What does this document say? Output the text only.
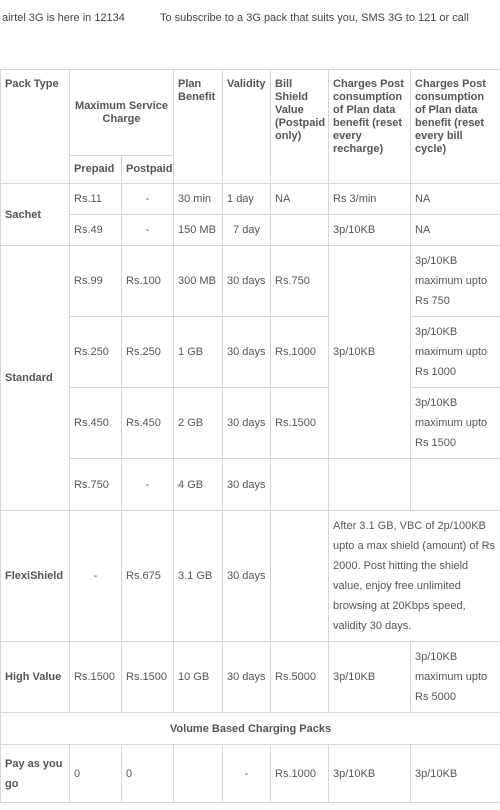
airtel 3G is here in 12134	To subscribe to a 3G pack that suits you, SMS 3G to 121 or call
Pack Type	Maximum Service Charge		Plan Benefit	Validity	Bill Shield Value (Postpaid only)	Charges Post consumption of Plan data benefit (reset every recharge)	Charges Post consumption of Plan data benefit (reset every bill cycle)
	Prepaid	Postpaid					
Sachet	Rs.11	-	30 min	1 day	NA	Rs 3/min	NA
	Rs.49	-	150 MB	7 day		3p/10KB	NA
Standard	Rs.99	Rs.100	300 MB	30 days	Rs.750	3p/10KB	3p/10KB maximum upto Rs 750
	Rs.250	Rs.250	1 GB	30 days	Rs.1000		3p/10KB maximum upto Rs 1000
	Rs.450	Rs.450	2 GB	30 days	Rs.1500		3p/10KB maximum upto Rs 1500
	Rs.750	-	4 GB	30 days			
FlexiShield	-	Rs.675	3.1 GB	30 days		After 3.1 GB, VBC of 2p/100KB upto a max shield (amount) of Rs 2000. Post hitting the shield value, enjoy free unlimited browsing at 20Kbps speed, validity 30 days.	
High Value	Rs.1500	Rs.1500	10 GB	30 days	Rs.5000	3p/10KB	3p/10KB maximum upto Rs 5000
Volume Based Charging Packs							
Pay as you go	0	0		-	Rs.1000	3p/10KB	3p/10KB
